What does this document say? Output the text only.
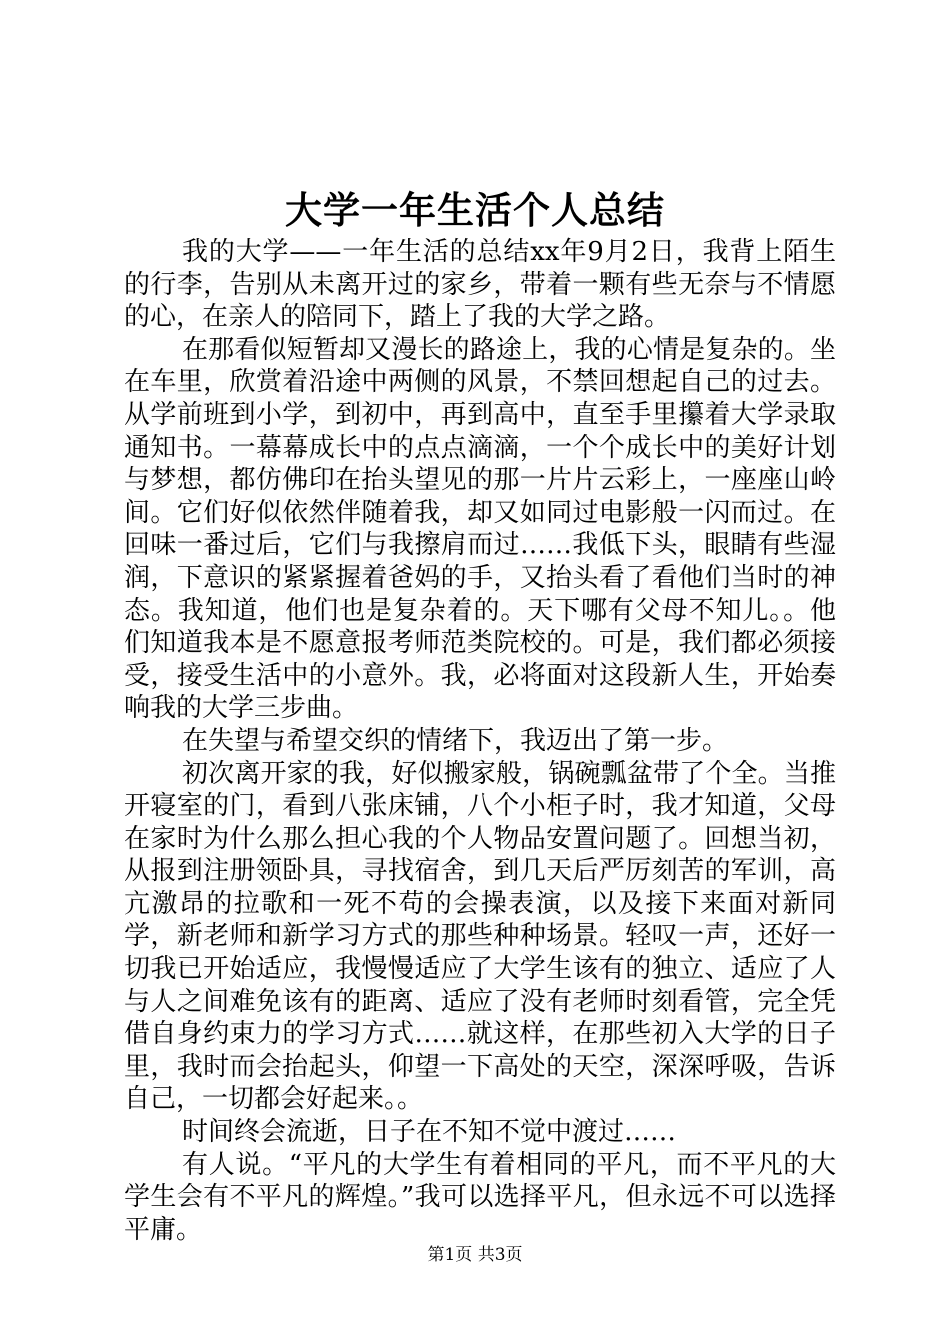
大学一年生活个人总结

我的大学——一年生活的总结xx年9月2日，我背上陌生的行李，告别从未离开过的家乡，带着一颗有些无奈与不情愿的心，在亲人的陪同下，踏上了我的大学之路。

在那看似短暂却又漫长的路途上，我的心情是复杂的。坐在车里，欣赏着沿途中两侧的风景，不禁回想起自己的过去。从学前班到小学，到初中，再到高中，直至手里攥着大学录取通知书。一幕幕成长中的点点滴滴，一个个成长中的美好计划与梦想，都仿佛印在抬头望见的那一片片云彩上，一座座山岭间。它们好似依然伴随着我，却又如同过电影般一闪而过。在回味一番过后，它们与我擦肩而过……我低下头，眼睛有些湿润，下意识的紧紧握着爸妈的手，又抬头看了看他们当时的神态。我知道，他们也是复杂着的。天下哪有父母不知儿。。他们知道我本是不愿意报考师范类院校的。可是，我们都必须接受，接受生活中的小意外。我，必将面对这段新人生，开始奏响我的大学三步曲。

在失望与希望交织的情绪下，我迈出了第一步。

初次离开家的我，好似搬家般，锅碗瓢盆带了个全。当推开寝室的门，看到八张床铺，八个小柜子时，我才知道，父母在家时为什么那么担心我的个人物品安置问题了。回想当初，从报到注册领卧具，寻找宿舍，到几天后严厉刻苦的军训，高亢激昂的拉歌和一死不苟的会操表演，以及接下来面对新同学，新老师和新学习方式的那些种种场景。轻叹一声，还好一切我已开始适应，我慢慢适应了大学生该有的独立、适应了人与人之间难免该有的距离、适应了没有老师时刻看管，完全凭借自身约束力的学习方式……就这样，在那些初入大学的日子里，我时而会抬起头，仰望一下高处的天空，深深呼吸，告诉自己，一切都会好起来。。

时间终会流逝，日子在不知不觉中渡过……

有人说。“平凡的大学生有着相同的平凡，而不平凡的大学生会有不平凡的辉煌。”我可以选择平凡，但永远不可以选择平庸。

第1页 共3页
